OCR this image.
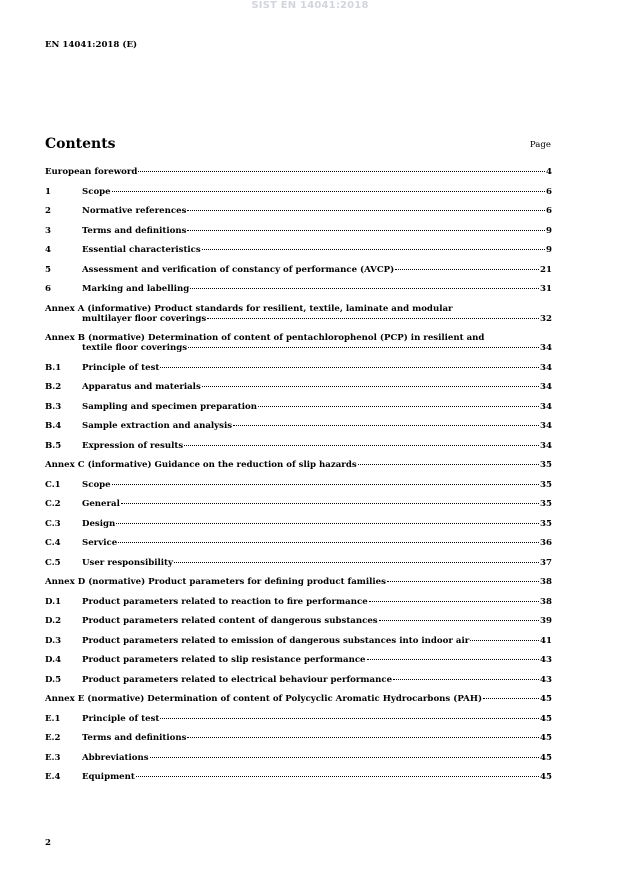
SIST EN 14041:2018
EN 14041:2018 (E)
Contents	Page
European foreword	4
1	Scope	6
2	Normative references	6
3	Terms and definitions	9
4	Essential characteristics	9
5	Assessment and verification of constancy of performance (AVCP)	21
6	Marking and labelling	31
Annex A (informative) Product standards for resilient, textile, laminate and modular
multilayer floor coverings	32
Annex B (normative) Determination of content of pentachlorophenol (PCP) in resilient and
textile floor coverings	34
B.1	Principle of test	34
B.2	Apparatus and materials	34
B.3	Sampling and specimen preparation	34
B.4	Sample extraction and analysis	34
B.5	Expression of results	34
Annex C (informative) Guidance on the reduction of slip hazards	35
C.1	Scope	35
C.2	General	35
C.3	Design	35
C.4	Service	36
C.5	User responsibility	37
Annex D (normative) Product parameters for defining product families	38
D.1	Product parameters related to reaction to fire performance	38
D.2	Product parameters related content of dangerous substances	39
D.3	Product parameters related to emission of dangerous substances into indoor air	41
D.4	Product parameters related to slip resistance performance	43
D.5	Product parameters related to electrical behaviour performance	43
Annex E (normative) Determination of content of Polycyclic Aromatic Hydrocarbons (PAH)	45
E.1	Principle of test	45
E.2	Terms and definitions	45
E.3	Abbreviations	45
E.4	Equipment	45
2
